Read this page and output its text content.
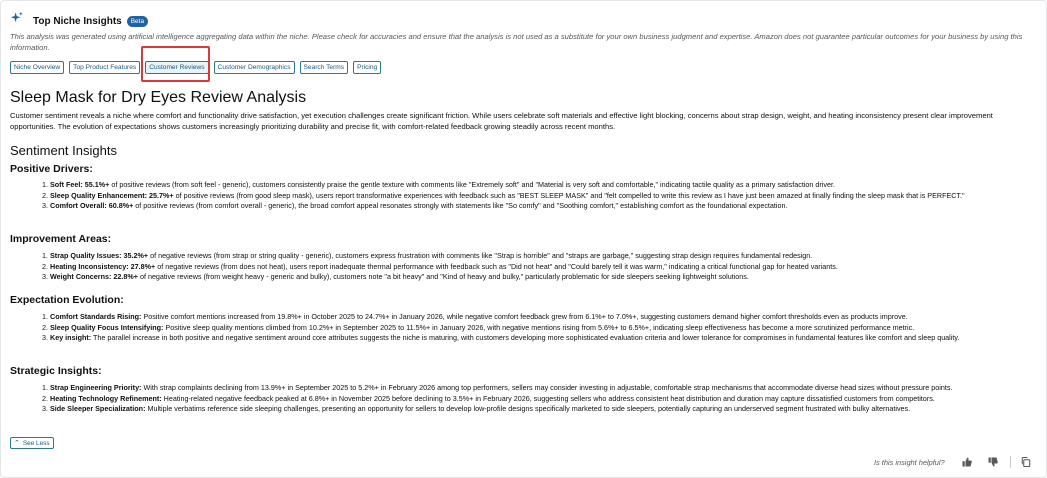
Top Niche Insights	Beta
This analysis was generated using artificial intelligence aggregating data within the niche. Please check for accuracies and ensure that the analysis is not used as a substitute for your own business judgment and expertise. Amazon does not guarantee particular outcomes for your business by using this information.
Niche Overview	Top Product Features	Customer Reviews	Customer Demographics	Search Terms	Pricing
Sleep Mask for Dry Eyes Review Analysis
Customer sentiment reveals a niche where comfort and functionality drive satisfaction, yet execution challenges create significant friction. While users celebrate soft materials and effective light blocking, concerns about strap design, weight, and heating inconsistency present clear improvement opportunities. The evolution of expectations shows customers increasingly prioritizing durability and precise fit, with comfort-related feedback growing steadily across recent months.
Sentiment Insights
Positive Drivers:
1. Soft Feel: 55.1%+ of positive reviews (from soft feel - generic), customers consistently praise the gentle texture with comments like "Extremely soft" and "Material is very soft and comfortable," indicating tactile quality as a primary satisfaction driver.
2. Sleep Quality Enhancement: 25.7%+ of positive reviews (from good sleep mask), users report transformative experiences with feedback such as "BEST SLEEP MASK" and "felt compelled to write this review as I have just been amazed at finally finding the sleep mask that is PERFECT."
3. Comfort Overall: 60.8%+ of positive reviews (from comfort overall - generic), the broad comfort appeal resonates strongly with statements like "So comfy" and "Soothing comfort," establishing comfort as the foundational expectation.
Improvement Areas:
1. Strap Quality Issues: 35.2%+ of negative reviews (from strap or string quality - generic), customers express frustration with comments like "Strap is horrible" and "straps are garbage," suggesting strap design requires fundamental redesign.
2. Heating Inconsistency: 27.8%+ of negative reviews (from does not heat), users report inadequate thermal performance with feedback such as "Did not heat" and "Could barely tell it was warm," indicating a critical functional gap for heated variants.
3. Weight Concerns: 22.8%+ of negative reviews (from weight heavy - generic and bulky), customers note "a bit heavy" and "Kind of heavy and bulky," particularly problematic for side sleepers seeking lightweight solutions.
Expectation Evolution:
1. Comfort Standards Rising: Positive comfort mentions increased from 19.8%+ in October 2025 to 24.7%+ in January 2026, while negative comfort feedback grew from 6.1%+ to 7.0%+, suggesting customers demand higher comfort thresholds even as products improve.
2. Sleep Quality Focus Intensifying: Positive sleep quality mentions climbed from 10.2%+ in September 2025 to 11.5%+ in January 2026, with negative mentions rising from 5.6%+ to 6.5%+, indicating sleep effectiveness has become a more scrutinized performance metric.
3. Key insight: The parallel increase in both positive and negative sentiment around core attributes suggests the niche is maturing, with customers developing more sophisticated evaluation criteria and lower tolerance for compromises in fundamental features like comfort and sleep quality.
Strategic Insights:
1. Strap Engineering Priority: With strap complaints declining from 13.9%+ in September 2025 to 5.2%+ in February 2026 among top performers, sellers may consider investing in adjustable, comfortable strap mechanisms that accommodate diverse head sizes without pressure points.
2. Heating Technology Refinement: Heating-related negative feedback peaked at 6.8%+ in November 2025 before declining to 3.5%+ in February 2026, suggesting sellers who address consistent heat distribution and duration may capture dissatisfied customers from competitors.
3. Side Sleeper Specialization: Multiple verbatims reference side sleeping challenges, presenting an opportunity for sellers to develop low-profile designs specifically marketed to side sleepers, potentially capturing an underserved segment frustrated with bulky alternatives.
⌃ See Less
Is this insight helpful?
